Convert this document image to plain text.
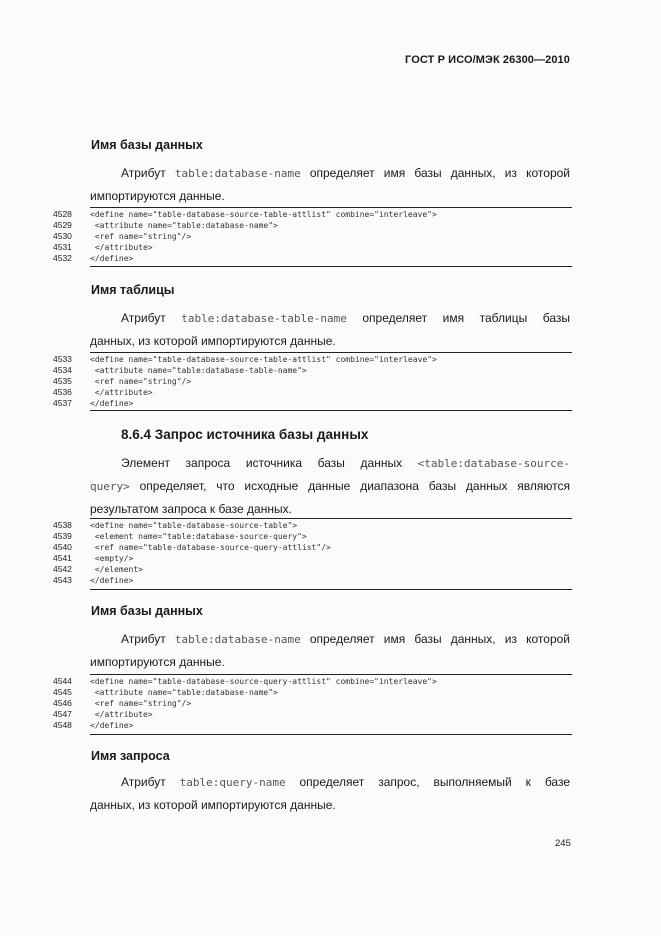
ГОСТ Р ИСО/МЭК 26300—2010
Имя базы данных
Атрибут table:database-name определяет имя базы данных, из которой
импортируются данные.
4528 <define name="table-database-source-table-attlist" combine="interleave">
4529 <attribute name="table:database-name">
4530 <ref name="string"/>
4531 </attribute>
4532 </define>
Имя таблицы
Атрибут table:database-table-name определяет имя таблицы базы
данных, из которой импортируются данные.
4533 <define name="table-database-source-table-attlist" combine="interleave">
4534 <attribute name="table:database-table-name">
4535 <ref name="string"/>
4536 </attribute>
4537 </define>
8.6.4 Запрос источника базы данных
Элемент запроса источника базы данных <table:database-source-
query> определяет, что исходные данные диапазона базы данных являются
результатом запроса к базе данных.
4538 <define name="table-database-source-table">
4539 <element name="table:database-source-query">
4540 <ref name="table-database-source-query-attlist"/>
4541 <empty/>
4542 </element>
4543 </define>
Имя базы данных
Атрибут table:database-name определяет имя базы данных, из которой
импортируются данные.
4544 <define name="table-database-source-query-attlist" combine="interleave">
4545 <attribute name="table:database-name">
4546 <ref name="string"/>
4547 </attribute>
4548 </define>
Имя запроса
Атрибут table:query-name определяет запрос, выполняемый к базе
данных, из которой импортируются данные.
245
